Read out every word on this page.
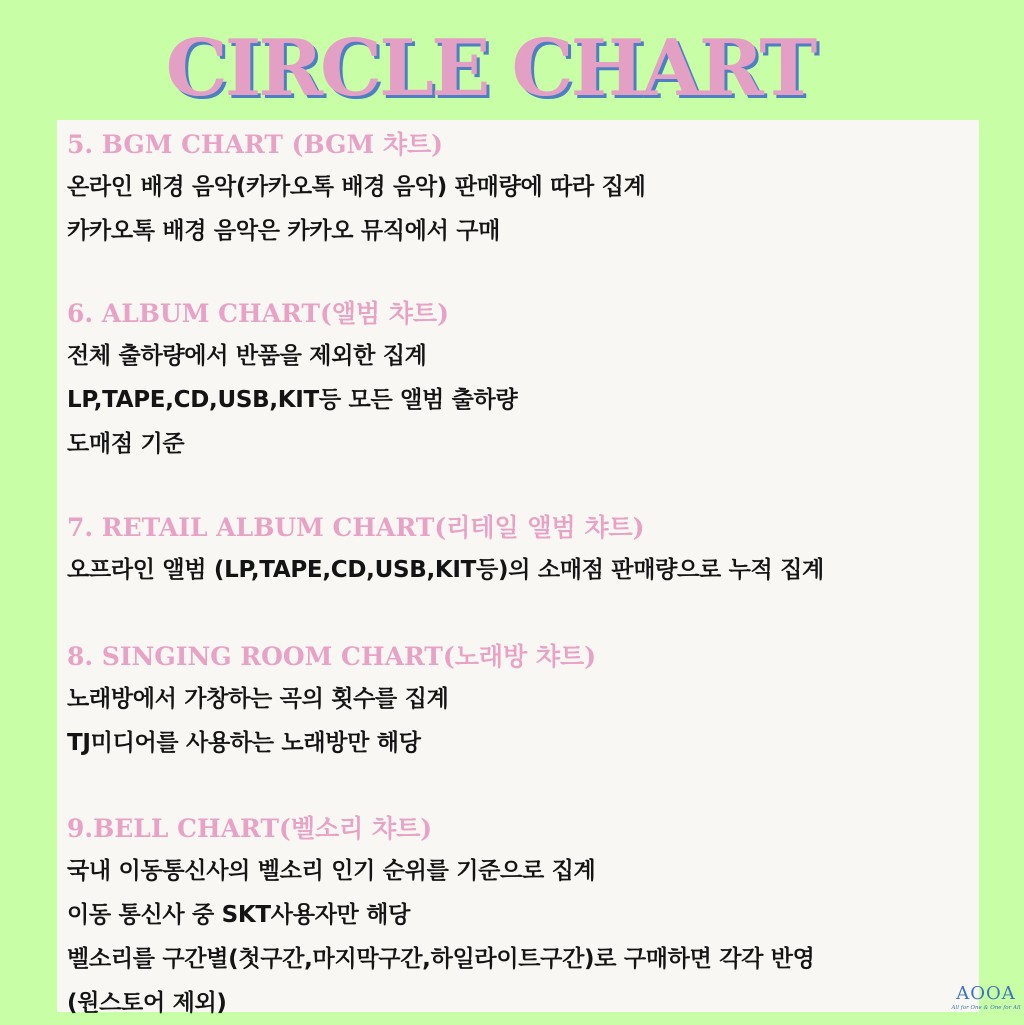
CIRCLE CHART
5. BGM CHART (BGM 챠트)
온라인 배경 음악(카카오톡 배경 음악) 판매량에 따라 집계
카카오톡 배경 음악은 카카오 뮤직에서 구매
6. ALBUM CHART(앨범 챠트)
전체 출하량에서 반품을 제외한 집계
LP,TAPE,CD,USB,KIT등 모든 앨범 출하량
도매점 기준
7. RETAIL ALBUM CHART(리테일 앨범 챠트)
오프라인 앨범 (LP,TAPE,CD,USB,KIT등)의 소매점 판매량으로 누적 집계
8. SINGING ROOM CHART(노래방 챠트)
노래방에서 가창하는 곡의 횟수를 집계
TJ미디어를 사용하는 노래방만 해당
9.BELL CHART(벨소리 챠트)
국내 이동통신사의 벨소리 인기 순위를 기준으로 집계
이동 통신사 중 SKT사용자만 해당
벨소리를 구간별(첫구간,마지막구간,하일라이트구간)로 구매하면 각각 반영
(원스토어 제외)	AOOA
All for One & One for All
